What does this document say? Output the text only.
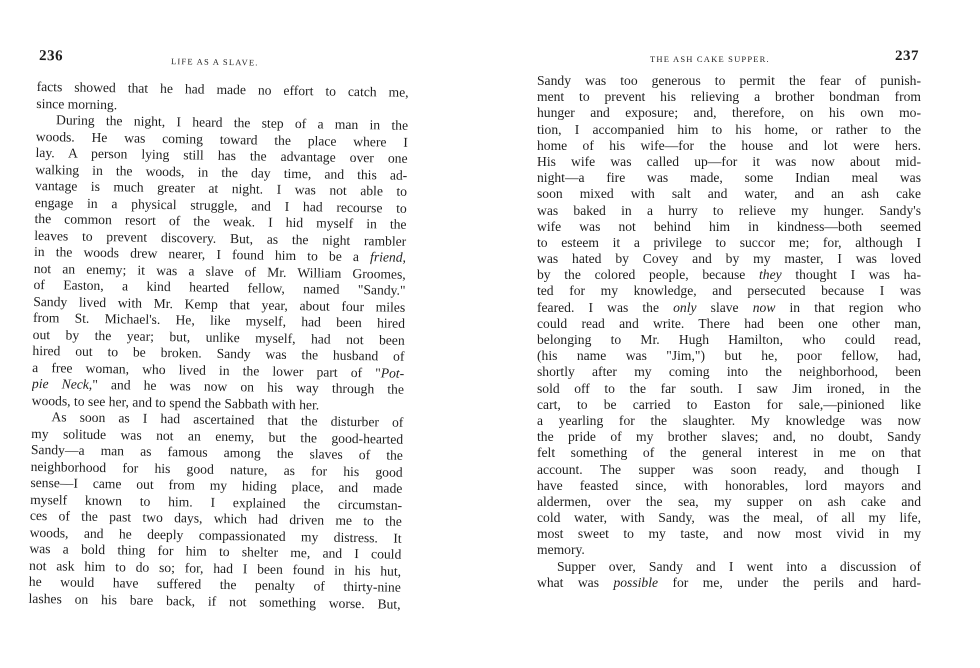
236	LIFE AS A SLAVE.
facts showed that he had made no effort to catch me,
since morning.
During the night, I heard the step of a man in the
woods. He was coming toward the place where I
lay. A person lying still has the advantage over one
walking in the woods, in the day time, and this ad-
vantage is much greater at night. I was not able to
engage in a physical struggle, and I had recourse to
the common resort of the weak. I hid myself in the
leaves to prevent discovery. But, as the night rambler
in the woods drew nearer, I found him to be a friend,
not an enemy; it was a slave of Mr. William Groomes,
of Easton, a kind hearted fellow, named "Sandy."
Sandy lived with Mr. Kemp that year, about four miles
from St. Michael's. He, like myself, had been hired
out by the year; but, unlike myself, had not been
hired out to be broken. Sandy was the husband of
a free woman, who lived in the lower part of "Pot-
pie Neck," and he was now on his way through the
woods, to see her, and to spend the Sabbath with her.
As soon as I had ascertained that the disturber of
my solitude was not an enemy, but the good-hearted
Sandy—a man as famous among the slaves of the
neighborhood for his good nature, as for his good
sense—I came out from my hiding place, and made
myself known to him. I explained the circumstan-
ces of the past two days, which had driven me to the
woods, and he deeply compassionated my distress. It
was a bold thing for him to shelter me, and I could
not ask him to do so; for, had I been found in his hut,
he would have suffered the penalty of thirty-nine
lashes on his bare back, if not something worse. But,
THE ASH CAKE SUPPER.	237
Sandy was too generous to permit the fear of punish-
ment to prevent his relieving a brother bondman from
hunger and exposure; and, therefore, on his own mo-
tion, I accompanied him to his home, or rather to the
home of his wife—for the house and lot were hers.
His wife was called up—for it was now about mid-
night—a fire was made, some Indian meal was
soon mixed with salt and water, and an ash cake
was baked in a hurry to relieve my hunger. Sandy's
wife was not behind him in kindness—both seemed
to esteem it a privilege to succor me; for, although I
was hated by Covey and by my master, I was loved
by the colored people, because they thought I was ha-
ted for my knowledge, and persecuted because I was
feared. I was the only slave now in that region who
could read and write. There had been one other man,
belonging to Mr. Hugh Hamilton, who could read,
(his name was "Jim,") but he, poor fellow, had,
shortly after my coming into the neighborhood, been
sold off to the far south. I saw Jim ironed, in the
cart, to be carried to Easton for sale,—pinioned like
a yearling for the slaughter. My knowledge was now
the pride of my brother slaves; and, no doubt, Sandy
felt something of the general interest in me on that
account. The supper was soon ready, and though I
have feasted since, with honorables, lord mayors and
aldermen, over the sea, my supper on ash cake and
cold water, with Sandy, was the meal, of all my life,
most sweet to my taste, and now most vivid in my
memory.
Supper over, Sandy and I went into a discussion of
what was possible for me, under the perils and hard-
